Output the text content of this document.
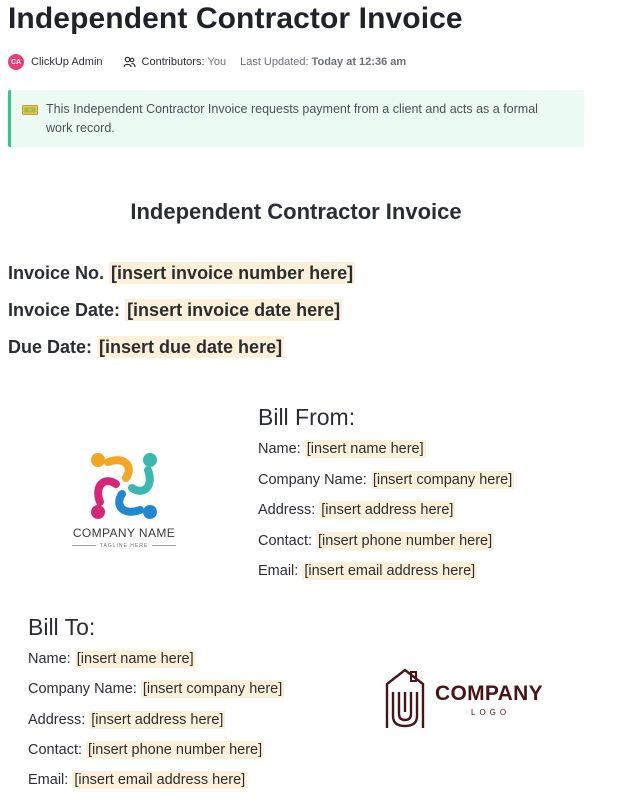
Independent Contractor Invoice
CA ClickUp Admin	Contributors: You Last Updated: Today at 12:36 am

This Independent Contractor Invoice requests payment from a client and acts as a formal work record.

Independent Contractor Invoice
Invoice No. [insert invoice number here]
Invoice Date: [insert invoice date here]
Due Date: [insert due date here]
COMPANY NAME
TAGLINE HERE
Bill From:
Name: [insert name here]
Company Name: [insert company here]
Address: [insert address here]
Contact: [insert phone number here]
Email: [insert email address here]
Bill To:
Name: [insert name here]
Company Name: [insert company here]
Address: [insert address here]
Contact: [insert phone number here]
Email: [insert email address here]
COMPANY
LOGO
